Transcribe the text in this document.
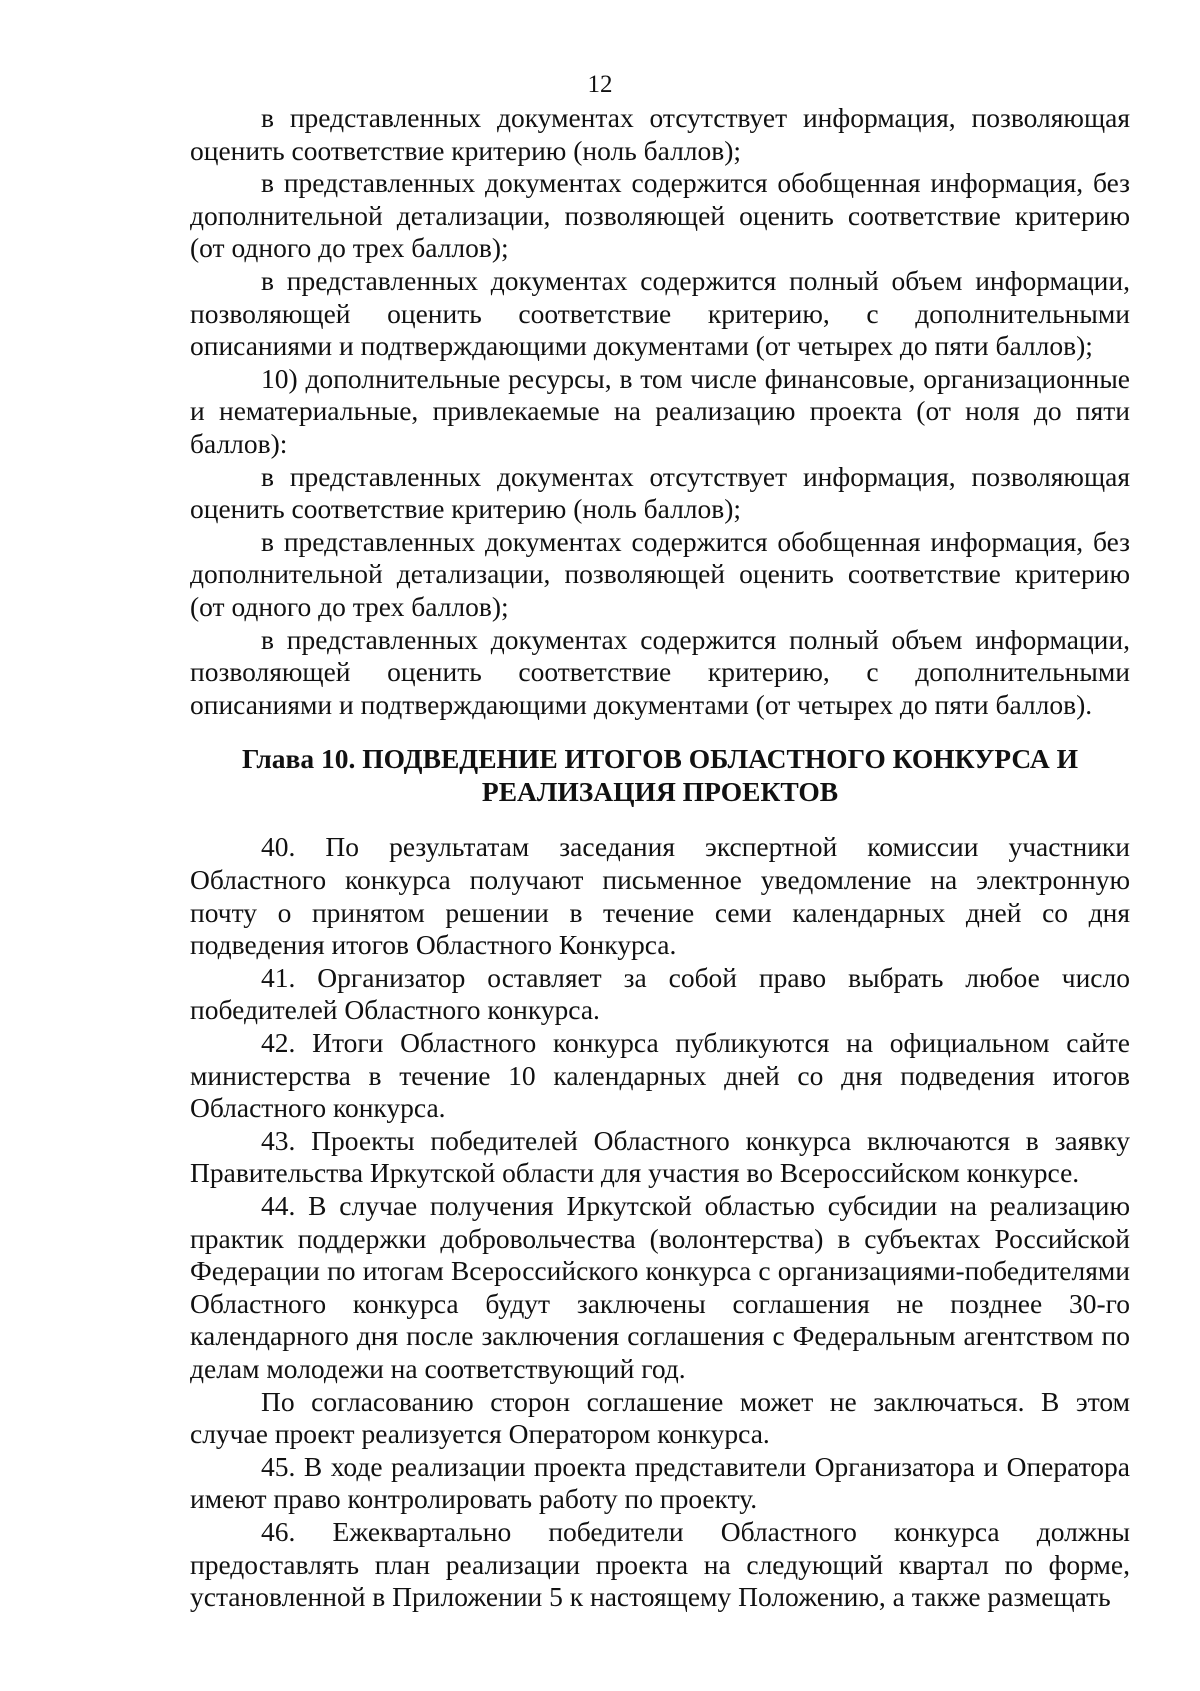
12

в представленных документах отсутствует информация, позволяющая оценить соответствие критерию (ноль баллов);

в представленных документах содержится обобщенная информация, без дополнительной детализации, позволяющей оценить соответствие критерию (от одного до трех баллов);

в представленных документах содержится полный объем информации, позволяющей оценить соответствие критерию, с дополнительными описаниями и подтверждающими документами (от четырех до пяти баллов);

10) дополнительные ресурсы, в том числе финансовые, организационные и нематериальные, привлекаемые на реализацию проекта (от ноля до пяти баллов):

в представленных документах отсутствует информация, позволяющая оценить соответствие критерию (ноль баллов);

в представленных документах содержится обобщенная информация, без дополнительной детализации, позволяющей оценить соответствие критерию (от одного до трех баллов);

в представленных документах содержится полный объем информации, позволяющей оценить соответствие критерию, с дополнительными описаниями и подтверждающими документами (от четырех до пяти баллов).

Глава 10. ПОДВЕДЕНИЕ ИТОГОВ ОБЛАСТНОГО КОНКУРСА И
РЕАЛИЗАЦИЯ ПРОЕКТОВ

40. По результатам заседания экспертной комиссии участники Областного конкурса получают письменное уведомление на электронную почту о принятом решении в течение семи календарных дней со дня подведения итогов Областного Конкурса.

41. Организатор оставляет за собой право выбрать любое число победителей Областного конкурса.

42. Итоги Областного конкурса публикуются на официальном сайте министерства в течение 10 календарных дней со дня подведения итогов Областного конкурса.

43. Проекты победителей Областного конкурса включаются в заявку Правительства Иркутской области для участия во Всероссийском конкурсе.

44. В случае получения Иркутской областью субсидии на реализацию практик поддержки добровольчества (волонтерства) в субъектах Российской Федерации по итогам Всероссийского конкурса с организациями-победителями Областного конкурса будут заключены соглашения не позднее 30-го календарного дня после заключения соглашения с Федеральным агентством по делам молодежи на соответствующий год.

По согласованию сторон соглашение может не заключаться. В этом случае проект реализуется Оператором конкурса.

45. В ходе реализации проекта представители Организатора и Оператора имеют право контролировать работу по проекту.

46. Ежеквартально победители Областного конкурса должны предоставлять план реализации проекта на следующий квартал по форме, установленной в Приложении 5 к настоящему Положению, а также размещать
